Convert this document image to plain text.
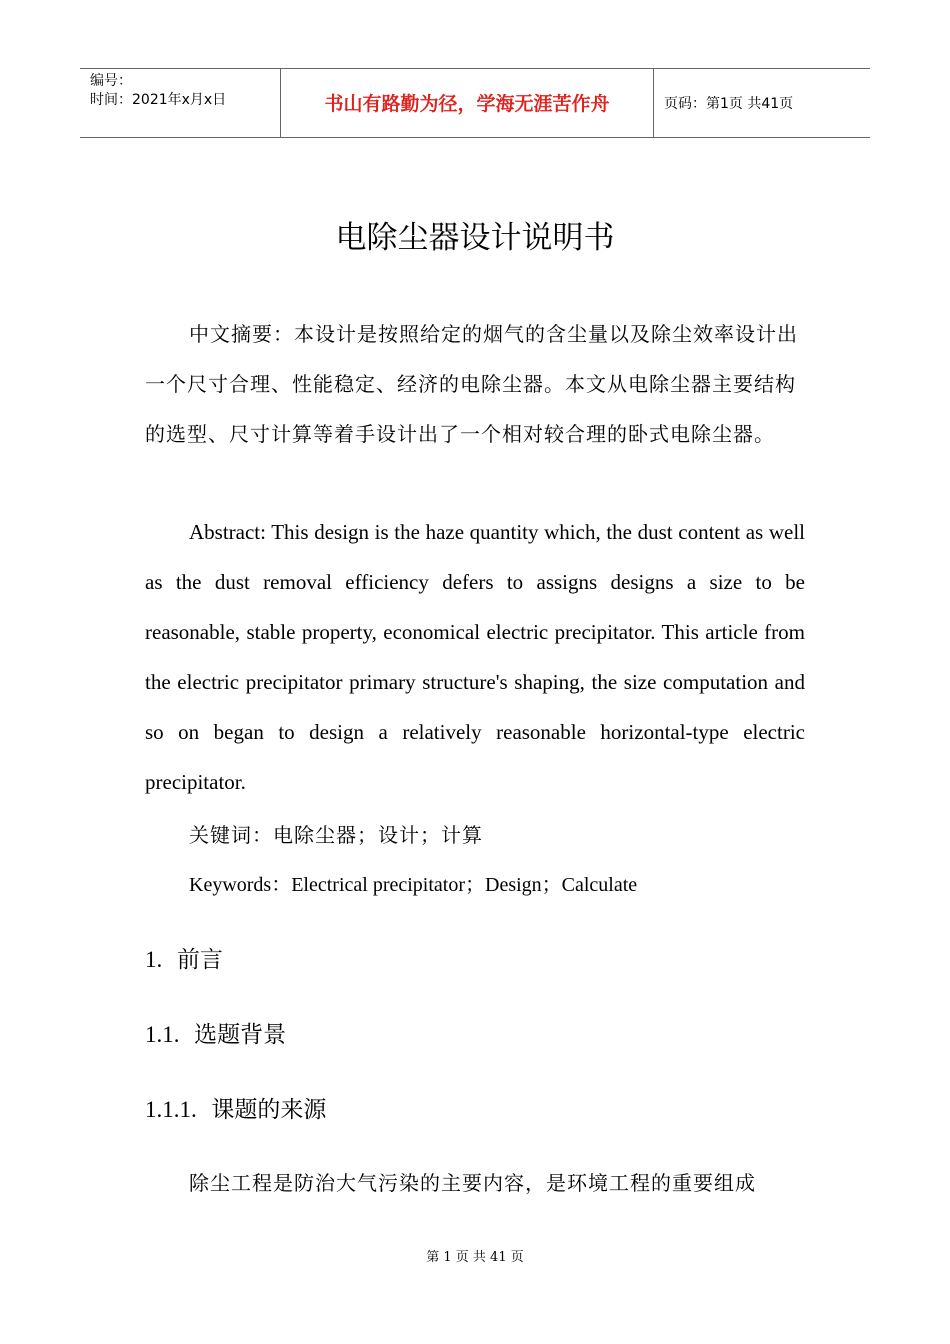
编号：
时间：2021年x月x日	书山有路勤为径，学海无涯苦作舟	页码：第1页 共41页
电除尘器设计说明书
中文摘要：本设计是按照给定的烟气的含尘量以及除尘效率设计出一个尺寸合理、性能稳定、经济的电除尘器。本文从电除尘器主要结构的选型、尺寸计算等着手设计出了一个相对较合理的卧式电除尘器。
Abstract: This design is the haze quantity which, the dust content as well as the dust removal efficiency defers to assigns designs a size to be reasonable, stable property, economical electric precipitator. This article from the electric precipitator primary structure's shaping, the size computation and so on began to design a relatively reasonable horizontal-type electric precipitator.
关键词：电除尘器；设计；计算
Keywords：Electrical precipitator；Design；Calculate
1. 前言
1.1. 选题背景
1.1.1. 课题的来源
除尘工程是防治大气污染的主要内容，是环境工程的重要组成
第 1 页 共 41 页
